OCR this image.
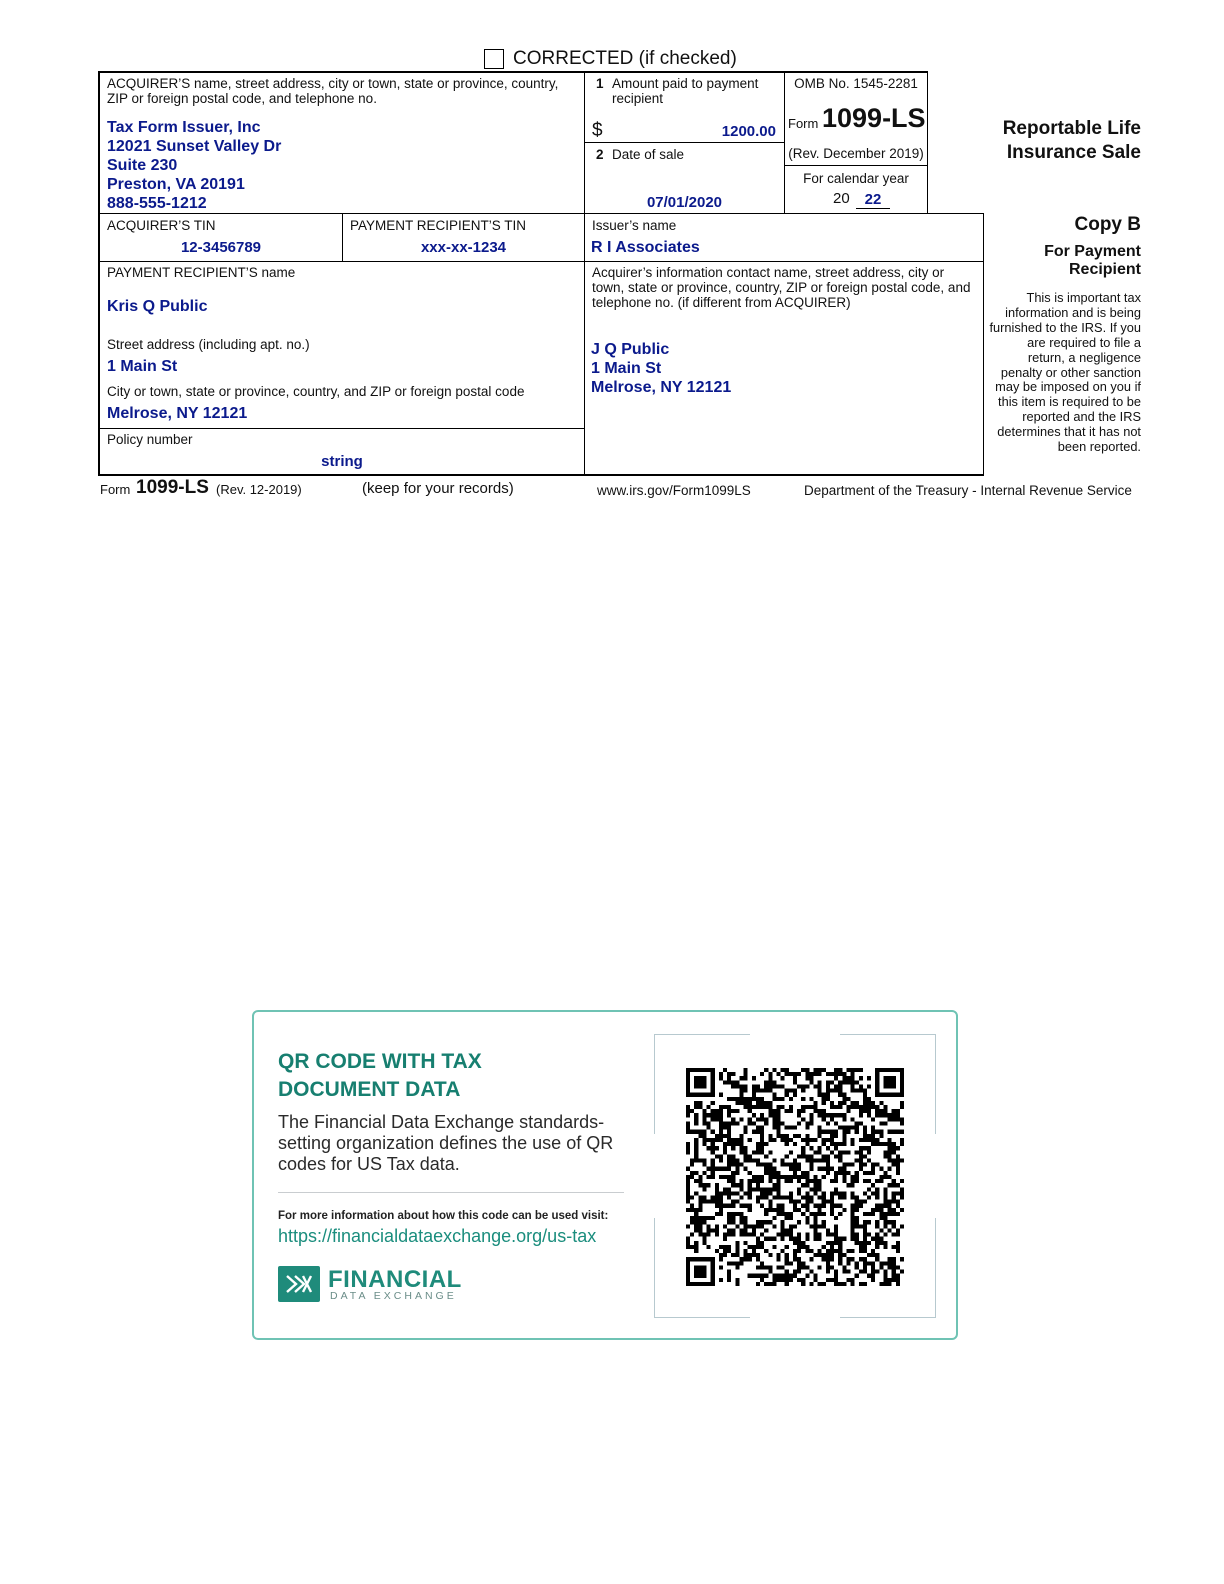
CORRECTED (if checked)
ACQUIRER’S name, street address, city or town, state or province, country, ZIP or foreign postal code, and telephone no.
Tax Form Issuer, Inc
12021 Sunset Valley Dr
Suite 230
Preston, VA 20191
888-555-1212
1 Amount paid to payment recipient
$	1200.00
2 Date of sale
07/01/2020
OMB No. 1545-2281
Form 1099-LS
(Rev. December 2019)
For calendar year
20 22
Reportable Life
Insurance Sale
ACQUIRER’S TIN
12-3456789
PAYMENT RECIPIENT’S TIN
xxx-xx-1234
Issuer’s name
R I Associates
PAYMENT RECIPIENT’S name
Kris Q Public
Street address (including apt. no.)
1 Main St
City or town, state or province, country, and ZIP or foreign postal code
Melrose, NY 12121
Policy number
string
Acquirer’s information contact name, street address, city or town, state or province, country, ZIP or foreign postal code, and telephone no. (if different from ACQUIRER)
J Q Public
1 Main St
Melrose, NY 12121
Copy B
For Payment Recipient
This is important tax information and is being furnished to the IRS. If you are required to file a return, a negligence penalty or other sanction may be imposed on you if this item is required to be reported and the IRS determines that it has not been reported.
Form 1099-LS (Rev. 12-2019)	(keep for your records)	www.irs.gov/Form1099LS	Department of the Treasury - Internal Revenue Service
QR CODE WITH TAX DOCUMENT DATA
The Financial Data Exchange standards-setting organization defines the use of QR codes for US Tax data.
For more information about how this code can be used visit:
https://financialdataexchange.org/us-tax
FINANCIAL
DATA EXCHANGE
